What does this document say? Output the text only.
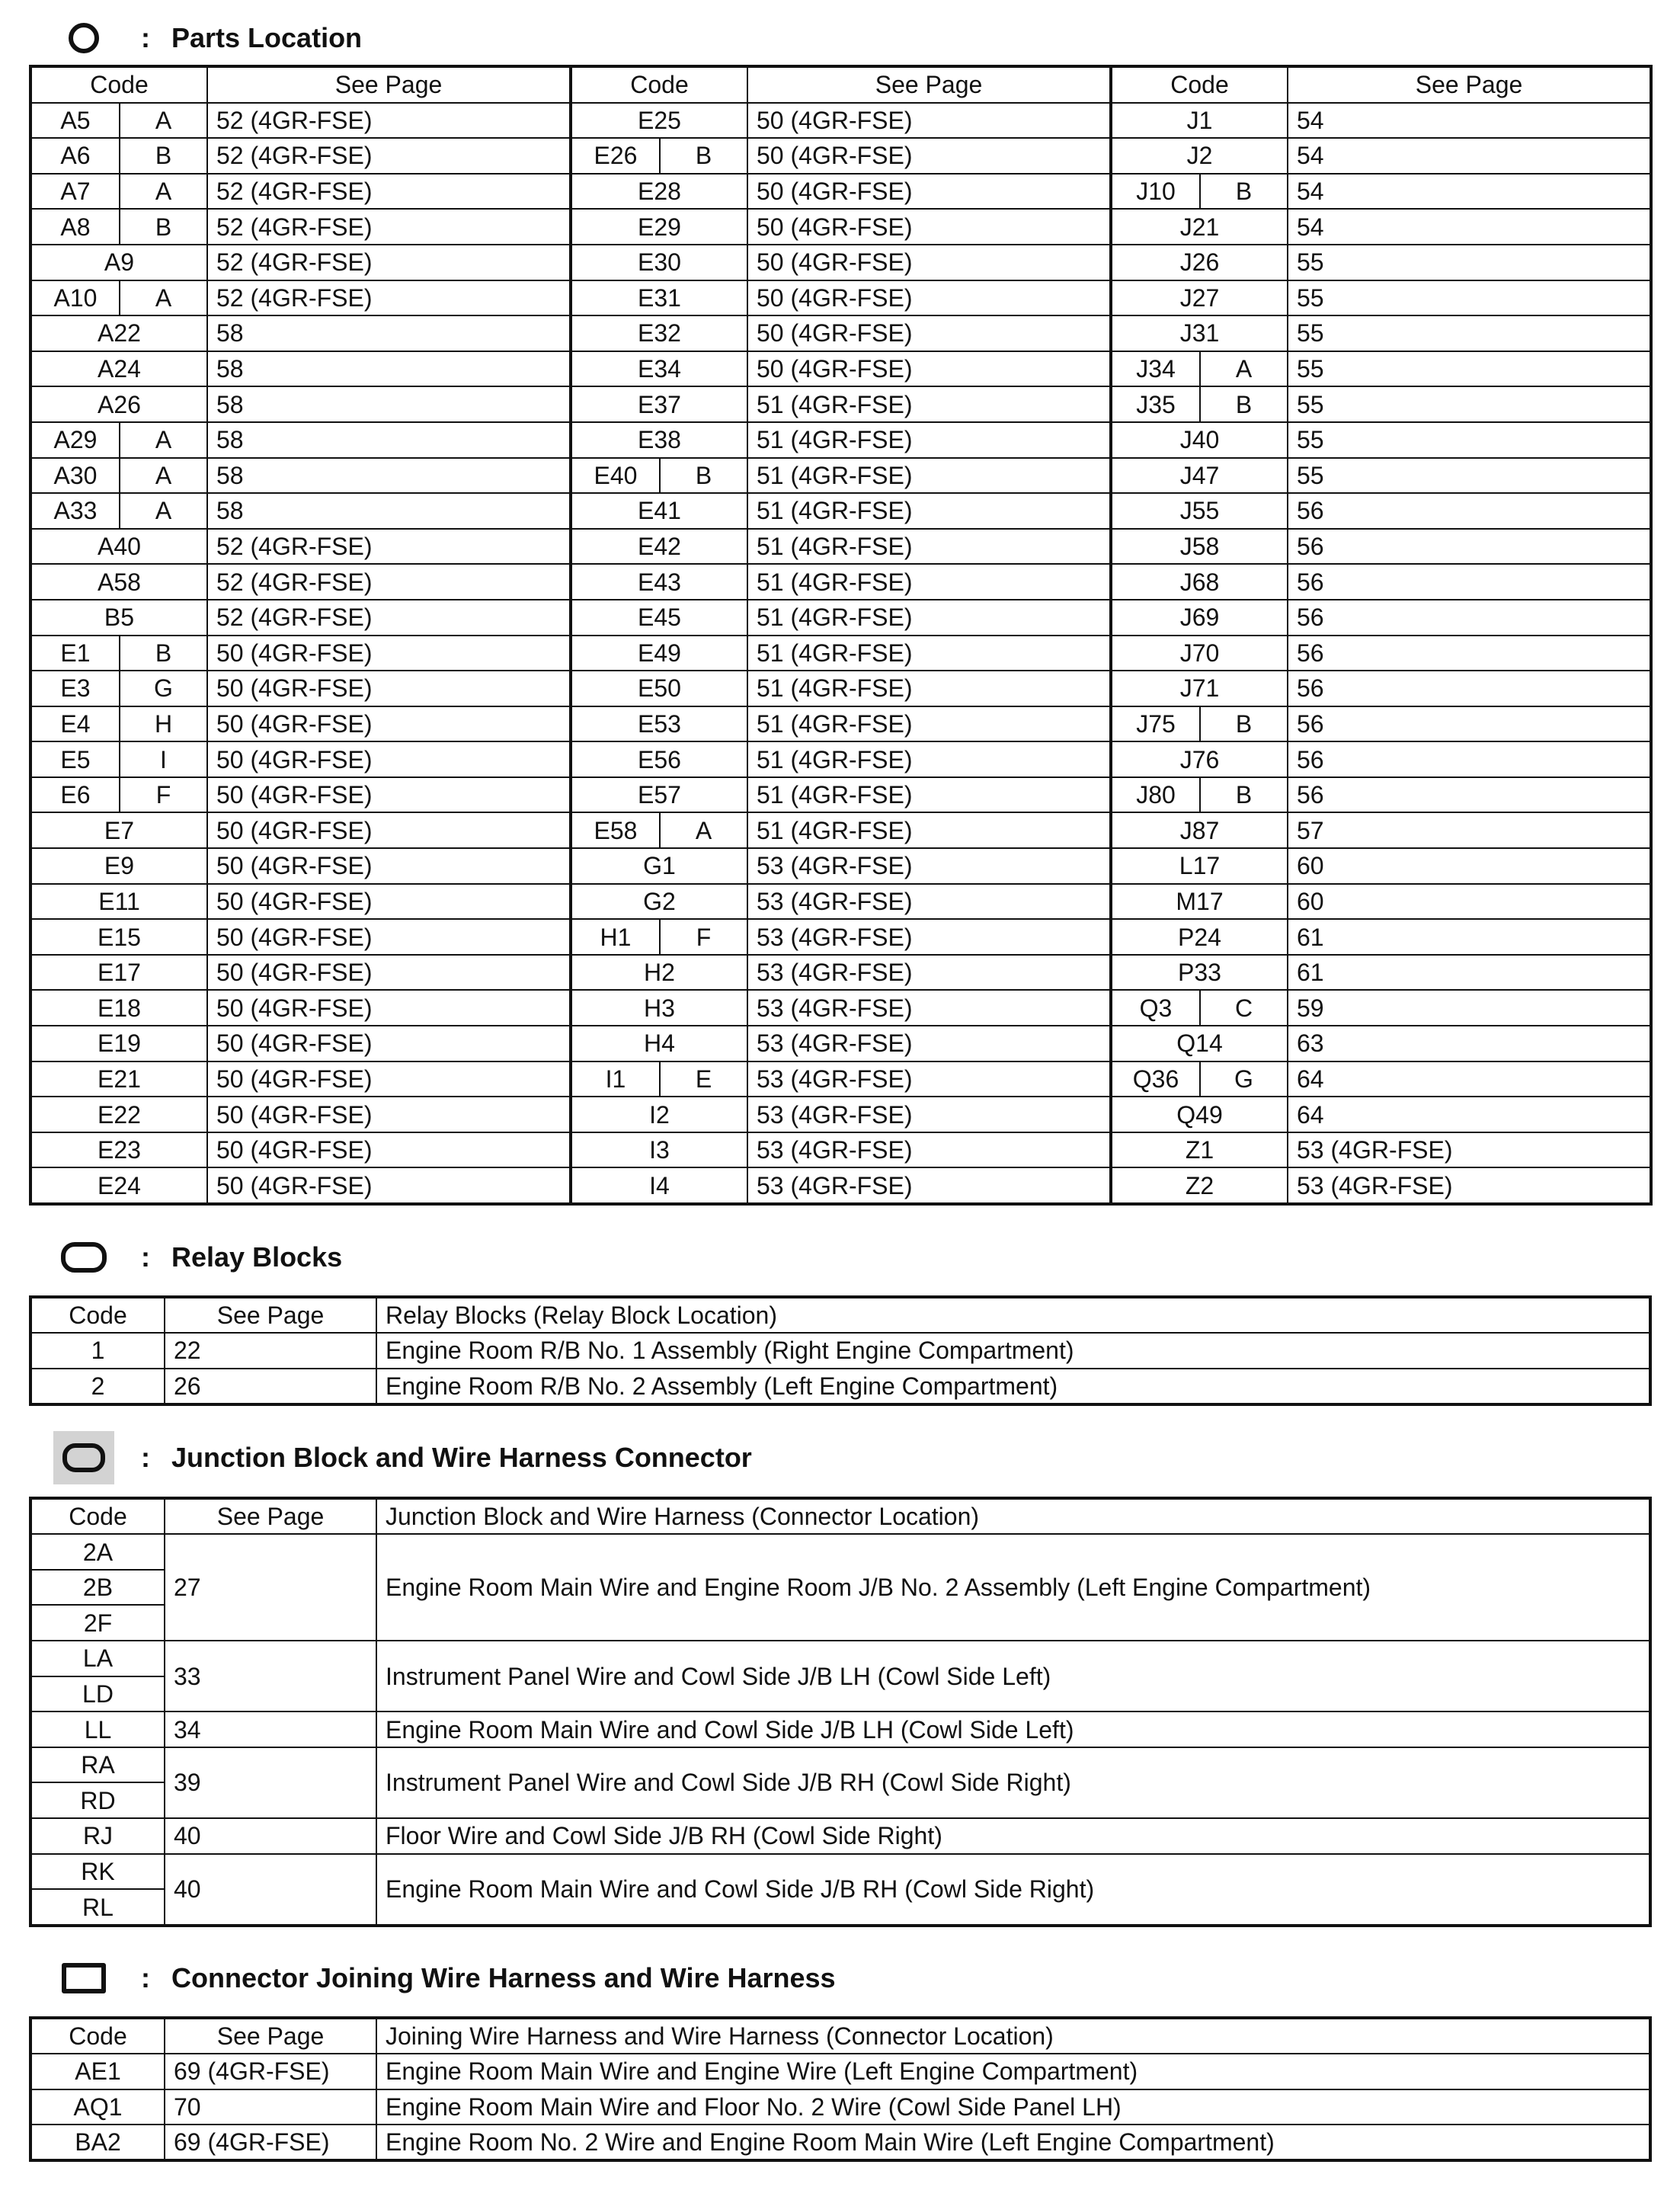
: Parts Location
Code		See Page	Code		See Page	Code		See Page
A5	A	52 (4GR-FSE)	E25		50 (4GR-FSE)	J1		54
A6	B	52 (4GR-FSE)	E26	B	50 (4GR-FSE)	J2		54
A7	A	52 (4GR-FSE)	E28		50 (4GR-FSE)	J10	B	54
A8	B	52 (4GR-FSE)	E29		50 (4GR-FSE)	J21		54
A9		52 (4GR-FSE)	E30		50 (4GR-FSE)	J26		55
A10	A	52 (4GR-FSE)	E31		50 (4GR-FSE)	J27		55
A22		58	E32		50 (4GR-FSE)	J31		55
A24		58	E34		50 (4GR-FSE)	J34	A	55
A26		58	E37		51 (4GR-FSE)	J35	B	55
A29	A	58	E38		51 (4GR-FSE)	J40		55
A30	A	58	E40	B	51 (4GR-FSE)	J47		55
A33	A	58	E41		51 (4GR-FSE)	J55		56
A40		52 (4GR-FSE)	E42		51 (4GR-FSE)	J58		56
A58		52 (4GR-FSE)	E43		51 (4GR-FSE)	J68		56
B5		52 (4GR-FSE)	E45		51 (4GR-FSE)	J69		56
E1	B	50 (4GR-FSE)	E49		51 (4GR-FSE)	J70		56
E3	G	50 (4GR-FSE)	E50		51 (4GR-FSE)	J71		56
E4	H	50 (4GR-FSE)	E53		51 (4GR-FSE)	J75	B	56
E5	I	50 (4GR-FSE)	E56		51 (4GR-FSE)	J76		56
E6	F	50 (4GR-FSE)	E57		51 (4GR-FSE)	J80	B	56
E7		50 (4GR-FSE)	E58	A	51 (4GR-FSE)	J87		57
E9		50 (4GR-FSE)	G1		53 (4GR-FSE)	L17		60
E11		50 (4GR-FSE)	G2		53 (4GR-FSE)	M17		60
E15		50 (4GR-FSE)	H1	F	53 (4GR-FSE)	P24		61
E17		50 (4GR-FSE)	H2		53 (4GR-FSE)	P33		61
E18		50 (4GR-FSE)	H3		53 (4GR-FSE)	Q3	C	59
E19		50 (4GR-FSE)	H4		53 (4GR-FSE)	Q14		63
E21		50 (4GR-FSE)	I1	E	53 (4GR-FSE)	Q36	G	64
E22		50 (4GR-FSE)	I2		53 (4GR-FSE)	Q49		64
E23		50 (4GR-FSE)	I3		53 (4GR-FSE)	Z1		53 (4GR-FSE)
E24		50 (4GR-FSE)	I4		53 (4GR-FSE)	Z2		53 (4GR-FSE)
: Relay Blocks
Code	See Page	Relay Blocks (Relay Block Location)
1	22	Engine Room R/B No. 1 Assembly (Right Engine Compartment)
2	26	Engine Room R/B No. 2 Assembly (Left Engine Compartment)
: Junction Block and Wire Harness Connector
Code	See Page	Junction Block and Wire Harness (Connector Location)
2A	27	Engine Room Main Wire and Engine Room J/B No. 2 Assembly (Left Engine Compartment)
2B		
2F		
LA	33	Instrument Panel Wire and Cowl Side J/B LH (Cowl Side Left)
LD		
LL	34	Engine Room Main Wire and Cowl Side J/B LH (Cowl Side Left)
RA	39	Instrument Panel Wire and Cowl Side J/B RH (Cowl Side Right)
RD		
RJ	40	Floor Wire and Cowl Side J/B RH (Cowl Side Right)
RK	40	Engine Room Main Wire and Cowl Side J/B RH (Cowl Side Right)
RL		
: Connector Joining Wire Harness and Wire Harness
Code	See Page	Joining Wire Harness and Wire Harness (Connector Location)
AE1	69 (4GR-FSE)	Engine Room Main Wire and Engine Wire (Left Engine Compartment)
AQ1	70	Engine Room Main Wire and Floor No. 2 Wire (Cowl Side Panel LH)
BA2	69 (4GR-FSE)	Engine Room No. 2 Wire and Engine Room Main Wire (Left Engine Compartment)
